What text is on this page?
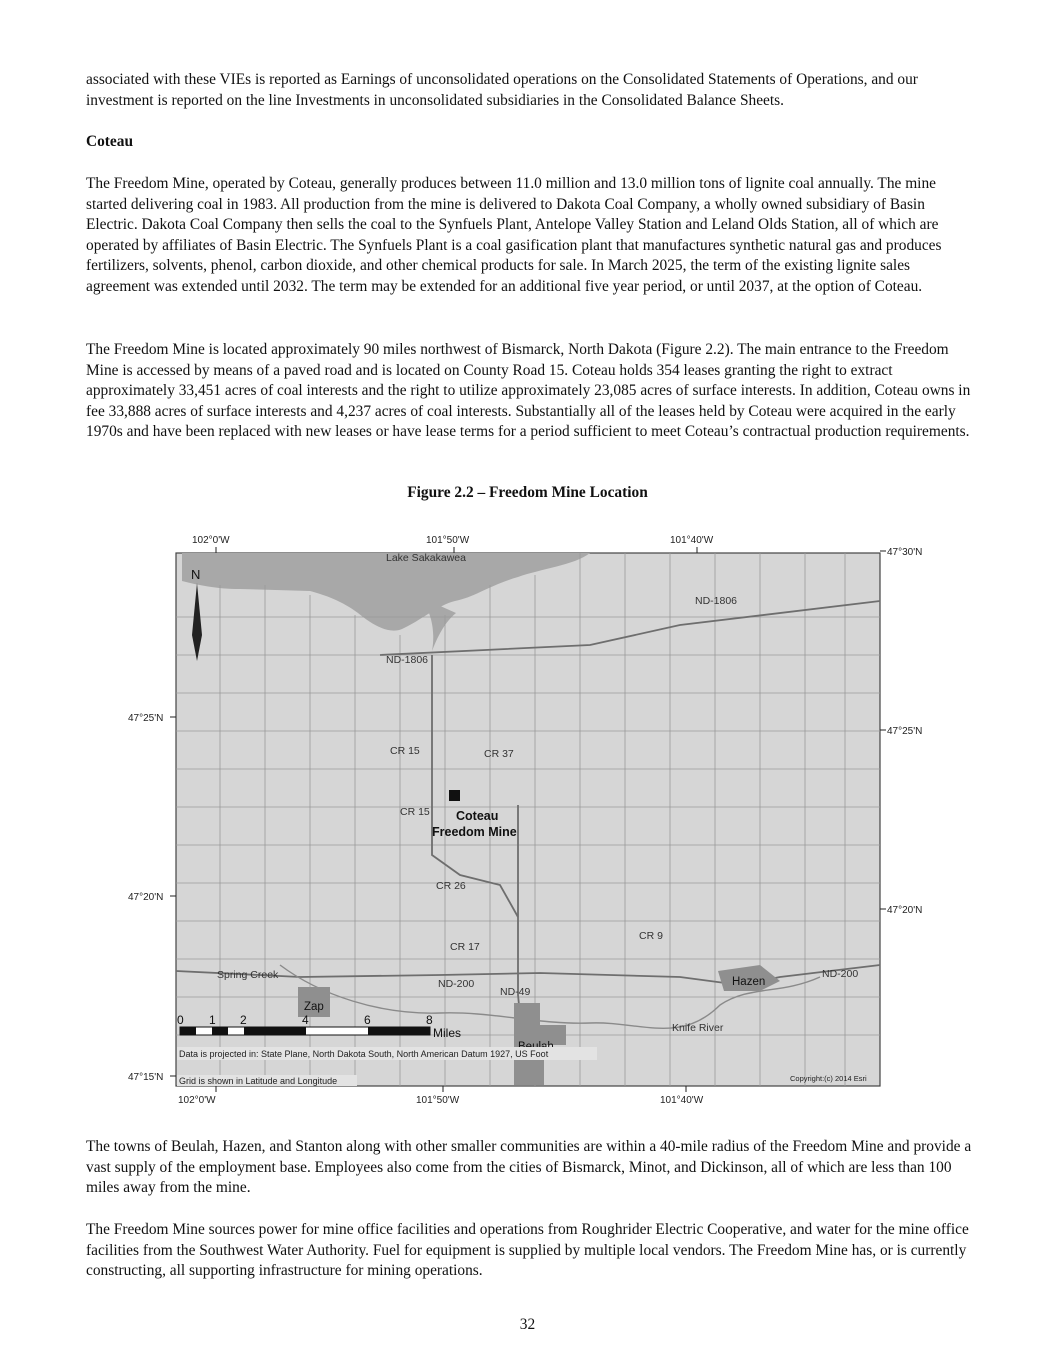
associated with these VIEs is reported as Earnings of unconsolidated operations on the Consolidated Statements of Operations, and our investment is reported on the line Investments in unconsolidated subsidiaries in the Consolidated Balance Sheets.
Coteau
The Freedom Mine, operated by Coteau, generally produces between 11.0 million and 13.0 million tons of lignite coal annually. The mine started delivering coal in 1983. All production from the mine is delivered to Dakota Coal Company, a wholly owned subsidiary of Basin Electric. Dakota Coal Company then sells the coal to the Synfuels Plant, Antelope Valley Station and Leland Olds Station, all of which are operated by affiliates of Basin Electric. The Synfuels Plant is a coal gasification plant that manufactures synthetic natural gas and produces fertilizers, solvents, phenol, carbon dioxide, and other chemical products for sale. In March 2025, the term of the existing lignite sales agreement was extended until 2032. The term may be extended for an additional five year period, or until 2037, at the option of Coteau.
The Freedom Mine is located approximately 90 miles northwest of Bismarck, North Dakota (Figure 2.2). The main entrance to the Freedom Mine is accessed by means of a paved road and is located on County Road 15. Coteau holds 354 leases granting the right to extract approximately 33,451 acres of coal interests and the right to utilize approximately 23,085 acres of surface interests. In addition, Coteau owns in fee 33,888 acres of surface interests and 4,237 acres of coal interests. Substantially all of the leases held by Coteau were acquired in the early 1970s and have been replaced with new leases or have lease terms for a period sufficient to meet Coteau’s contractual production requirements.
Figure 2.2 – Freedom Mine Location
Lake Sakakawea
ND-1806
ND-1806
CR 15	CR 37
CR 15
CR 26
CR 17
CR 9
Spring Creek
ND-200
ND-49
ND-200
Knife River
Coteau
Freedom Mine
Zap
Hazen
N
0 1 2	4	6	8
Miles
Data is projected in: State Plane, North Dakota South, North American Datum 1927, US Foot
Grid is shown in Latitude and Longitude	Copyright:(c) 2014 Esri
102°0'W	101°50'W	101°40'W
102°0'W	101°50'W	101°40'W
47°25'N
47°20'N
47°15'N
47°30'N
47°25'N
47°20'N
The towns of Beulah, Hazen, and Stanton along with other smaller communities are within a 40-mile radius of the Freedom Mine and provide a vast supply of the employment base. Employees also come from the cities of Bismarck, Minot, and Dickinson, all of which are less than 100 miles away from the mine.
The Freedom Mine sources power for mine office facilities and operations from Roughrider Electric Cooperative, and water for the mine office facilities from the Southwest Water Authority. Fuel for equipment is supplied by multiple local vendors. The Freedom Mine has, or is currently constructing, all supporting infrastructure for mining operations.
32
